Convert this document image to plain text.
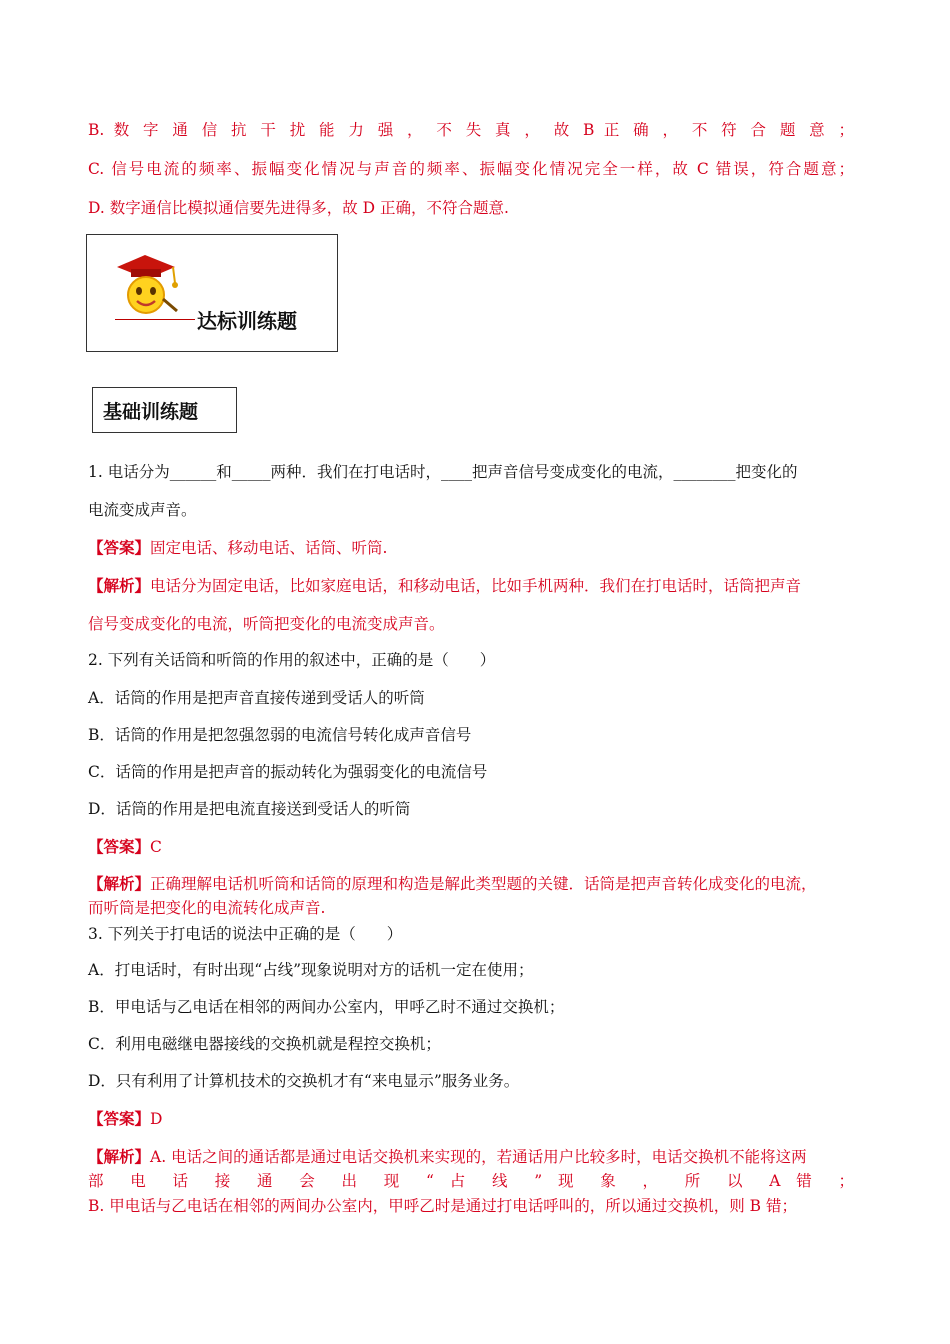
B. 数 字 通 信 抗 干 扰 能 力 强 ， 不 失 真 ， 故 B 正 确 ， 不 符 合 题 意 ；
C. 信号电流的频率、振幅变化情况与声音的频率、振幅变化情况完全一样，故 C 错误，符合题意；
D. 数字通信比模拟通信要先进得多，故 D 正确，不符合题意.
达标训练题
基础训练题
1. 电话分为______和_____两种．我们在打电话时，____把声音信号变成变化的电流，________把变化的
电流变成声音。
【答案】固定电话、移动电话、话筒、听筒.
【解析】电话分为固定电话，比如家庭电话，和移动电话，比如手机两种．我们在打电话时，话筒把声音
信号变成变化的电流，听筒把变化的电流变成声音。
2. 下列有关话筒和听筒的作用的叙述中，正确的是（　　）
A．话筒的作用是把声音直接传递到受话人的听筒
B．话筒的作用是把忽强忽弱的电流信号转化成声音信号
C．话筒的作用是把声音的振动转化为强弱变化的电流信号
D．话筒的作用是把电流直接送到受话人的听筒
【答案】C
【解析】正确理解电话机听筒和话筒的原理和构造是解此类型题的关键．话筒是把声音转化成变化的电流，
而听筒是把变化的电流转化成声音.
3. 下列关于打电话的说法中正确的是（　　）
A．打电话时，有时出现“占线”现象说明对方的话机一定在使用；
B．甲电话与乙电话在相邻的两间办公室内，甲呼乙时不通过交换机；
C．利用电磁继电器接线的交换机就是程控交换机；
D．只有利用了计算机技术的交换机才有“来电显示”服务业务。
【答案】D
【解析】A. 电话之间的通话都是通过电话交换机来实现的，若通话用户比较多时，电话交换机不能将这两
部 电 话 接 通 会 出 现 “ 占 线 ” 现 象 ， 所 以 A 错 ；
B. 甲电话与乙电话在相邻的两间办公室内，甲呼乙时是通过打电话呼叫的，所以通过交换机，则 B 错；
